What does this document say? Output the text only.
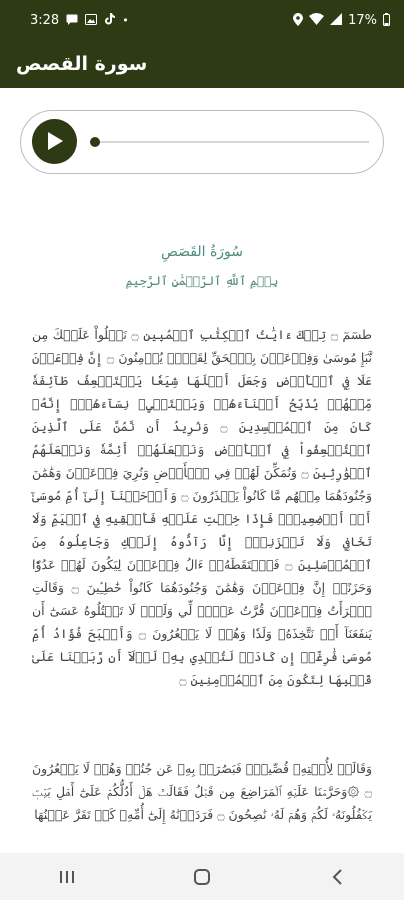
3:28	•	17%
سورة القصص
سُورَةُ القَصَصِ
بِسۡمِ ٱللَّهِ ٱلرَّحۡمَٰنِ ٱلرَّحِيمِ
طسٓمٓ ۝ تِلۡكَ ءَايَٰتُ ٱلۡكِتَٰبِ ٱلۡمُبِينِ ۝ نَتۡلُواْ عَلَيۡكَ مِن نَّبَإِ مُوسَىٰ وَفِرۡعَوۡنَ بِٱلۡحَقِّ لِقَوۡمٖ يُؤۡمِنُونَ ۝ إِنَّ فِرۡعَوۡنَ عَلَا فِي ٱلۡأَرۡضِ وَجَعَلَ أَهۡلَهَا شِيَعٗا يَسۡتَضۡعِفُ طَآئِفَةٗ مِّنۡهُمۡ يُذَبِّحُ أَبۡنَآءَهُمۡ وَيَسۡتَحۡيِۦ نِسَآءَهُمۡۚ إِنَّهُۥ كَانَ مِنَ ٱلۡمُفۡسِدِينَ ۝ وَنُرِيدُ أَن نَّمُنَّ عَلَى ٱلَّذِينَ ٱسۡتُضۡعِفُواْ فِي ٱلۡأَرۡضِ وَنَجۡعَلَهُمۡ أَئِمَّةٗ وَنَجۡعَلَهُمُ ٱلۡوَٰرِثِينَ ۝ وَنُمَكِّنَ لَهُمۡ فِي ٱلۡأَرۡضِ وَنُرِيَ فِرۡعَوۡنَ وَهَٰمَٰنَ وَجُنُودَهُمَا مِنۡهُم مَّا كَانُواْ يَحۡذَرُونَ ۝ وَأَوۡحَيۡنَآ إِلَىٰٓ أُمِّ مُوسَىٰٓ أَنۡ أَرۡضِعِيهِۖ فَإِذَا خِفۡتِ عَلَيۡهِ فَأَلۡقِيهِ فِي ٱلۡيَمِّ وَلَا تَخَافِي وَلَا تَحۡزَنِيٓۖ إِنَّا رَآدُّوهُ إِلَيۡكِ وَجَاعِلُوهُ مِنَ ٱلۡمُرۡسَلِينَ ۝ فَٱلۡتَقَطَهُۥٓ ءَالُ فِرۡعَوۡنَ لِيَكُونَ لَهُمۡ عَدُوّٗا وَحَزَنًاۗ إِنَّ فِرۡعَوۡنَ وَهَٰمَٰنَ وَجُنُودَهُمَا كَانُواْ خَٰطِـِٔينَ ۝ وَقَالَتِ ٱمۡرَأَتُ فِرۡعَوۡنَ قُرَّتُ عَيۡنٖ لِّي وَلَكَۖ لَا تَقۡتُلُوهُ عَسَىٰٓ أَن يَنفَعَنَآ أَوۡ نَتَّخِذَهُۥ وَلَدٗا وَهُمۡ لَا يَشۡعُرُونَ ۝ وَأَصۡبَحَ فُؤَادُ أُمِّ مُوسَىٰ فَٰرِغًاۖ إِن كَادَتۡ لَتُبۡدِي بِهِۦ لَوۡلَآ أَن رَّبَطۡنَا عَلَىٰ قَلۡبِهَا لِتَكُونَ مِنَ ٱلۡمُؤۡمِنِينَ ۝
وَقَالَتۡ لِأُخۡتِهِۦ قُصِّيهِۖ فَبَصُرَتۡ بِهِۦ عَن جُنُبٖ وَهُمۡ لَا يَشۡعُرُونَ ۝ ۞وَحَرَّمۡنَا عَلَيۡهِ ٱلۡمَرَاضِعَ مِن قَبۡلُ فَقَالَتۡ هَلۡ أَدُلُّكُمۡ عَلَىٰٓ أَهۡلِ بَيۡتٖ يَكۡفُلُونَهُۥ لَكُمۡ وَهُمۡ لَهُۥ نَٰصِحُونَ ۝ فَرَدَدۡنَٰهُ إِلَىٰٓ أُمِّهِۦ كَيۡ تَقَرَّ عَيۡنُهَا
